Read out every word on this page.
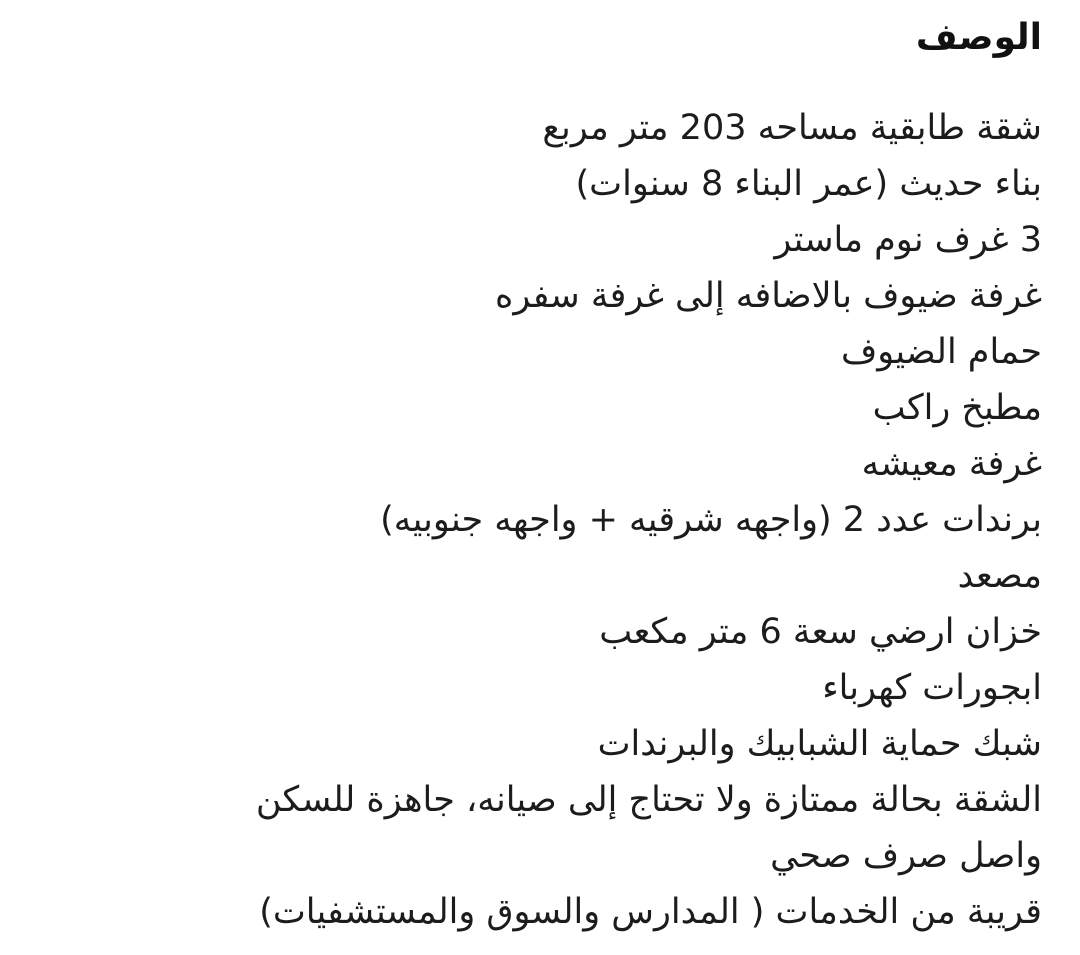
الوصف
شقة طابقية مساحه 203 متر مربع
بناء حديث (عمر البناء 8 سنوات)
3 غرف نوم ماستر
غرفة ضيوف بالاضافه إلى غرفة سفره
حمام الضيوف
مطبخ راكب
غرفة معيشه
برندات عدد 2 (واجهه شرقيه + واجهه جنوبيه)
مصعد
خزان ارضي سعة 6 متر مكعب
ابجورات كهرباء
شبك حماية الشبابيك والبرندات
الشقة بحالة ممتازة ولا تحتاج إلى صيانه، جاهزة للسكن
واصل صرف صحي
قريبة من الخدمات ( المدارس والسوق والمستشفيات)
